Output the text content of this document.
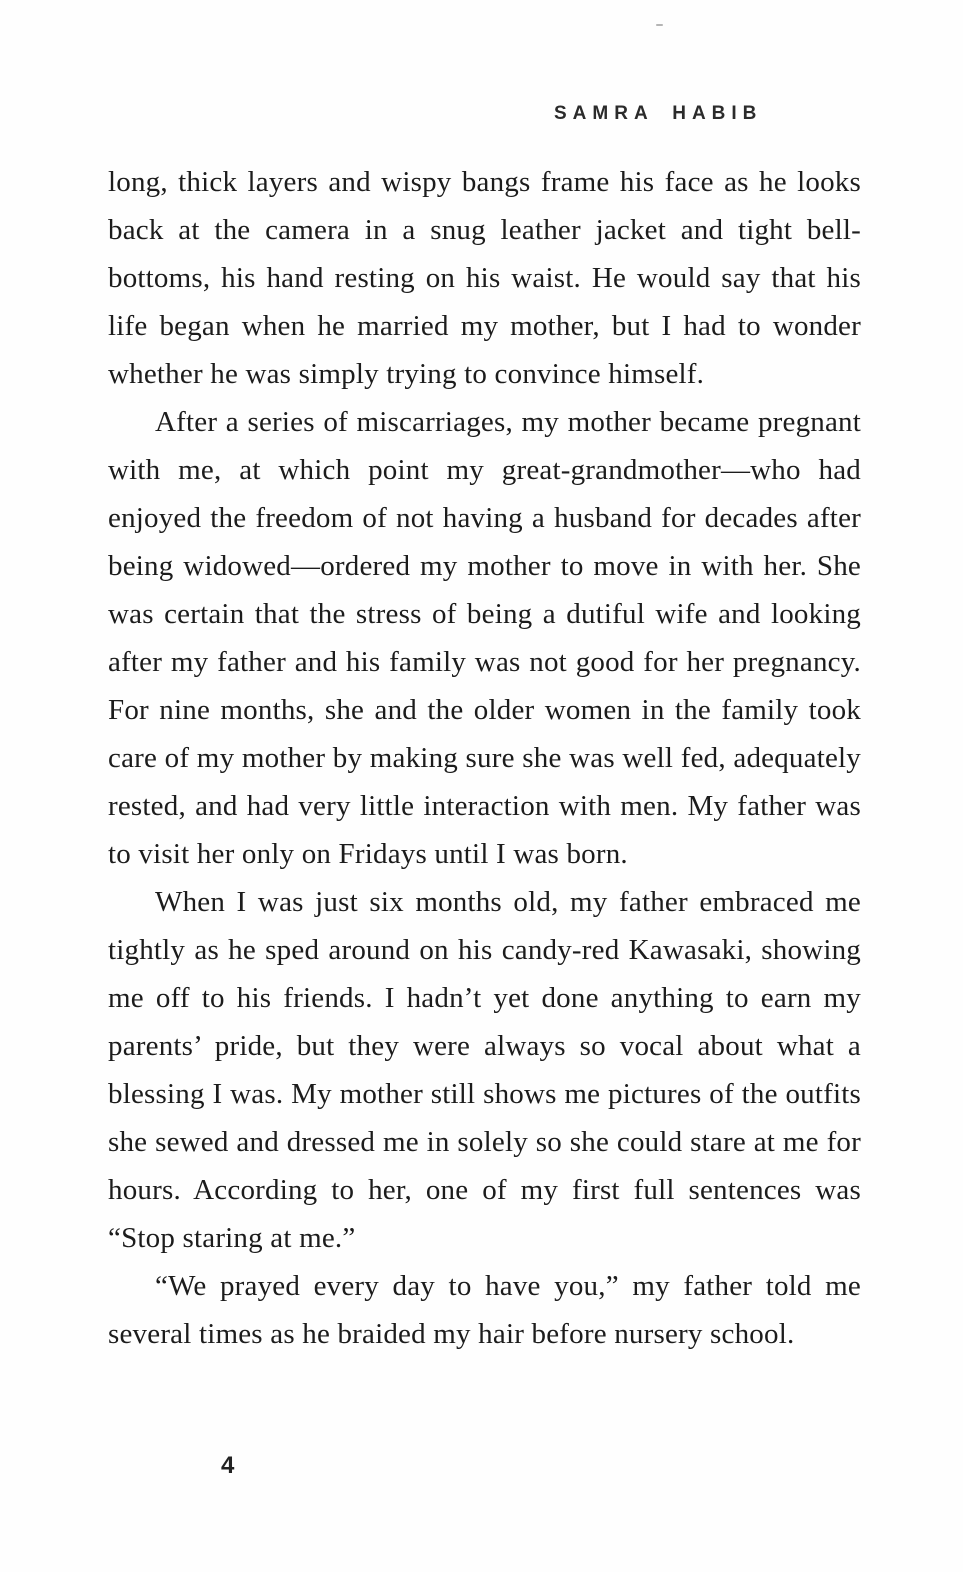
SAMRA HABIB

long, thick layers and wispy bangs frame his face as he looks back at the camera in a snug leather jacket and tight bell-bottoms, his hand resting on his waist. He would say that his life began when he married my mother, but I had to wonder whether he was simply trying to convince himself.

After a series of miscarriages, my mother became pregnant with me, at which point my great-grandmother—who had enjoyed the freedom of not having a husband for decades after being widowed—ordered my mother to move in with her. She was certain that the stress of being a dutiful wife and looking after my father and his family was not good for her pregnancy. For nine months, she and the older women in the family took care of my mother by making sure she was well fed, adequately rested, and had very little interaction with men. My father was to visit her only on Fridays until I was born.

When I was just six months old, my father embraced me tightly as he sped around on his candy-red Kawasaki, showing me off to his friends. I hadn’t yet done anything to earn my parents’ pride, but they were always so vocal about what a blessing I was. My mother still shows me pictures of the outfits she sewed and dressed me in solely so she could stare at me for hours. According to her, one of my first full sentences was “Stop staring at me.”

“We prayed every day to have you,” my father told me several times as he braided my hair before nursery school.

4
